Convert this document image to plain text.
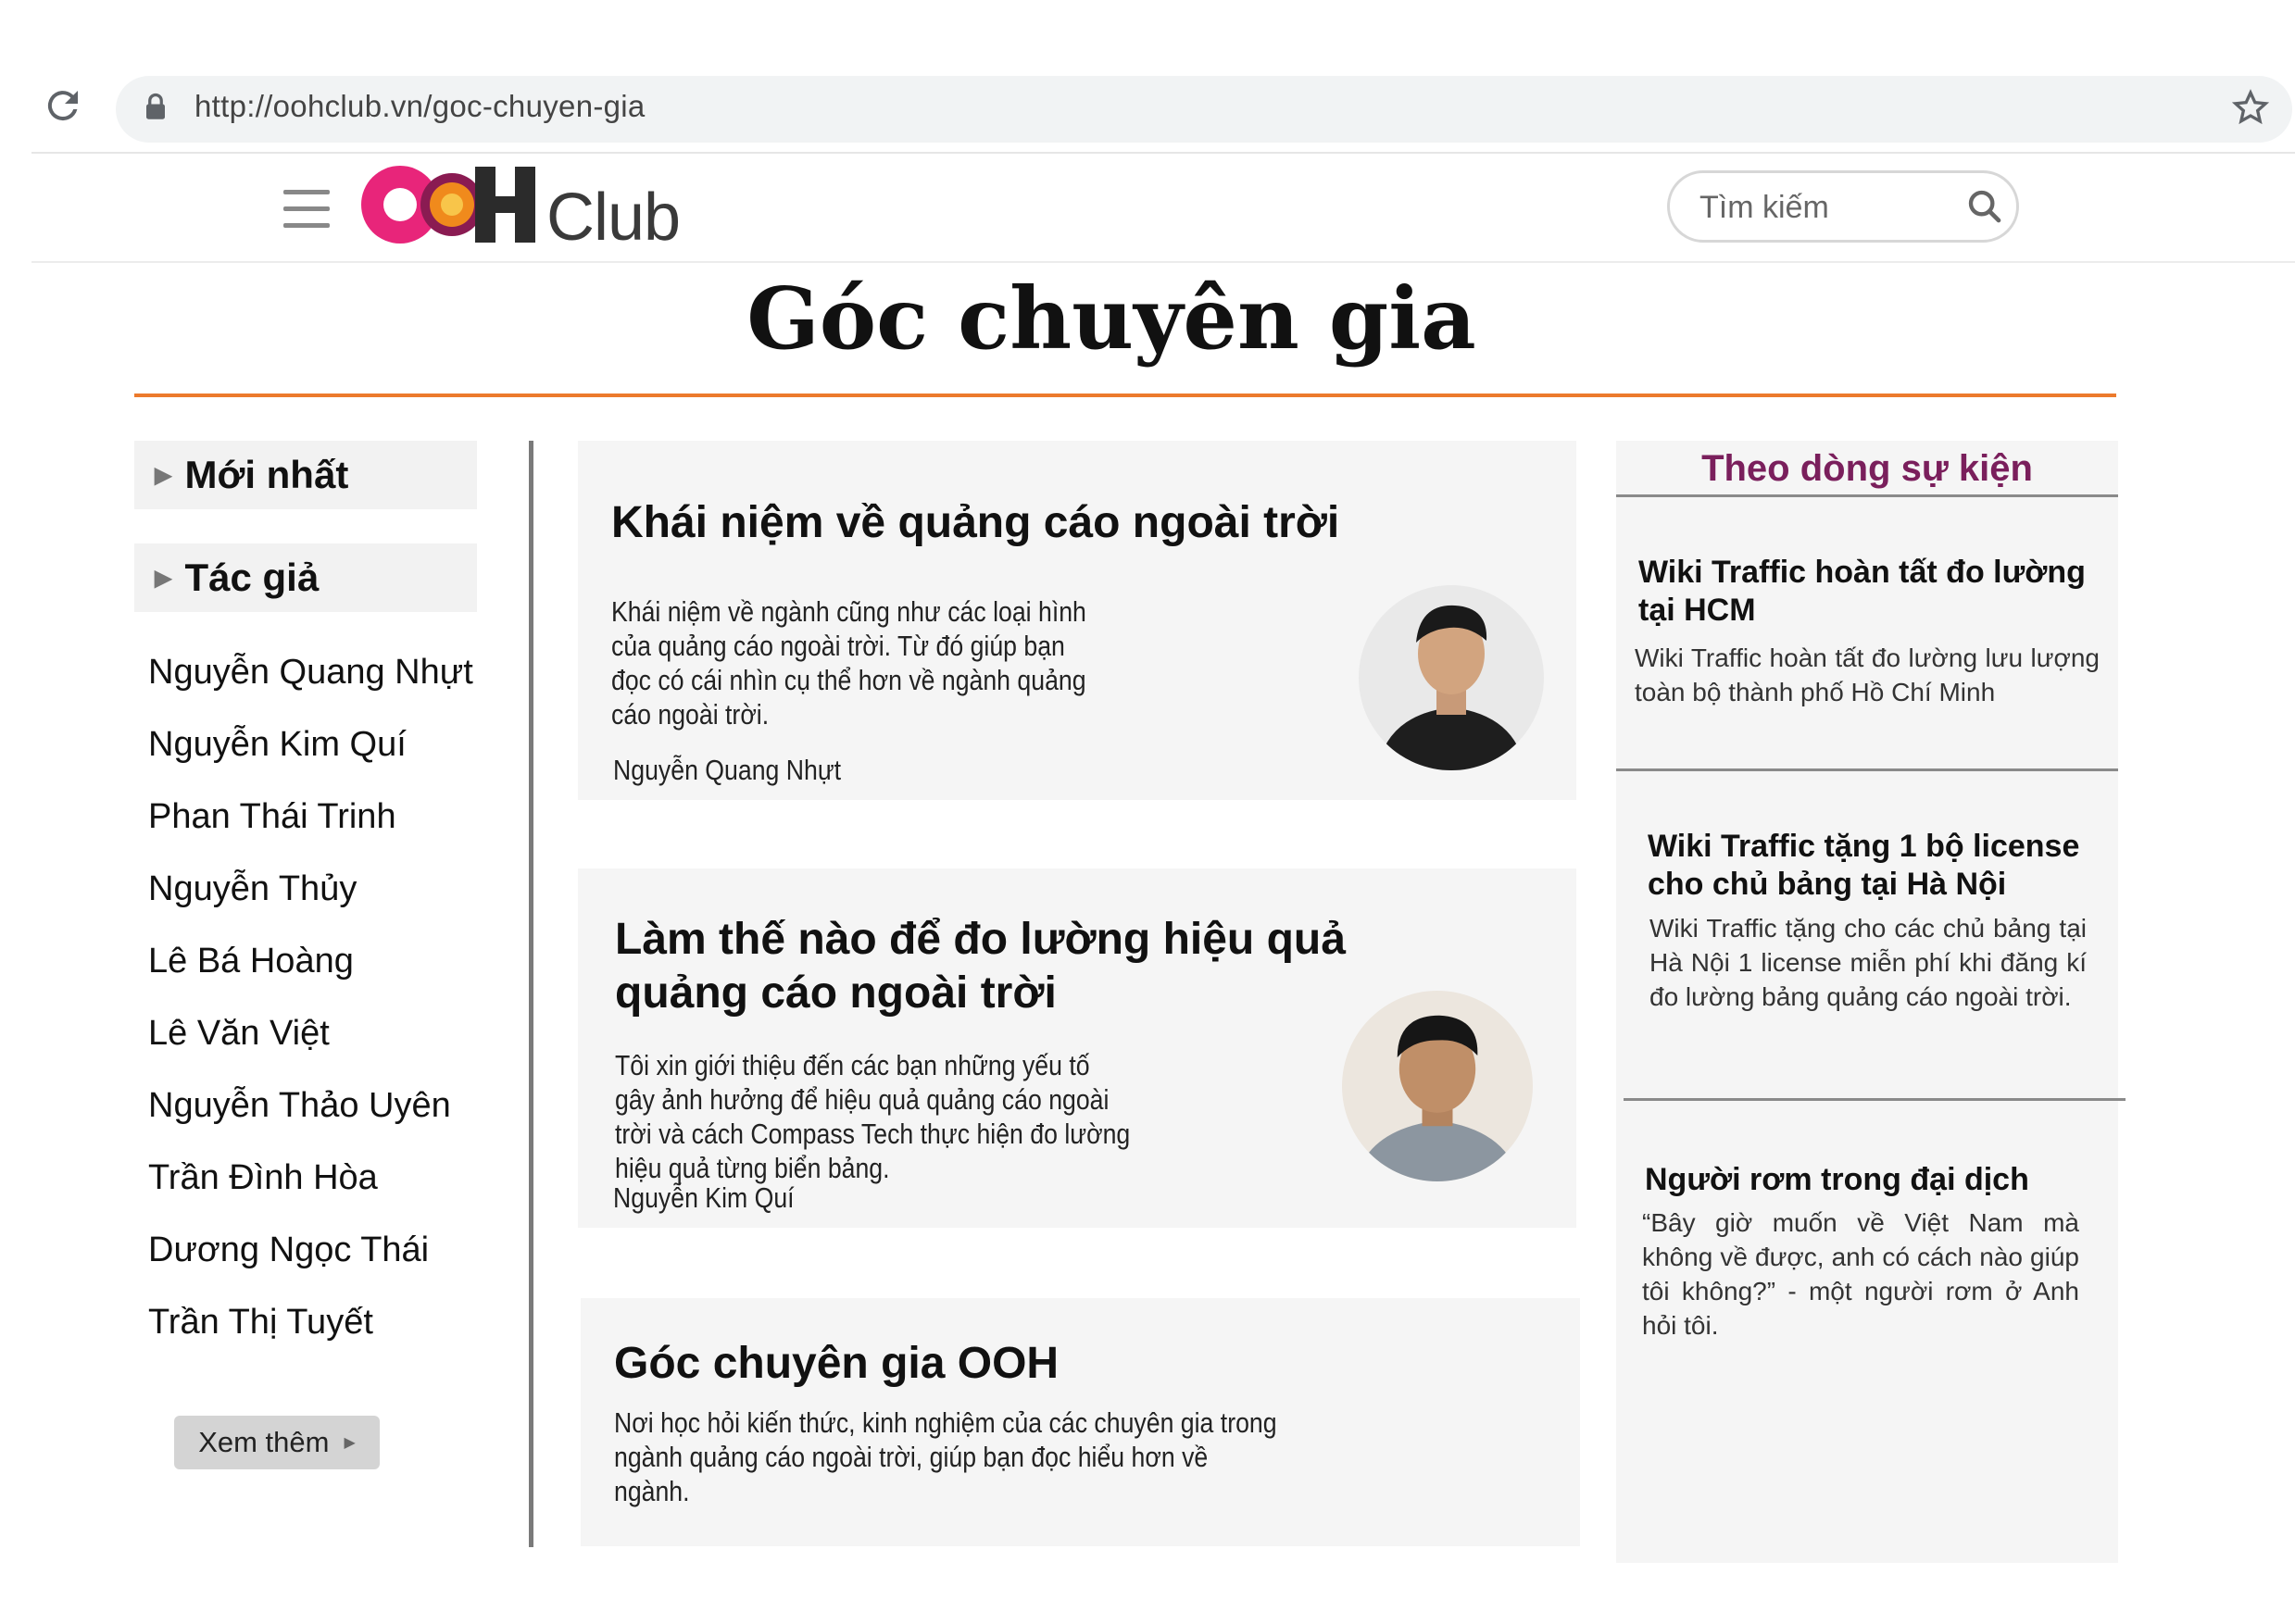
http://oohclub.vn/goc-chuyen-gia
Club
Tìm kiếm
Góc chuyên gia
▶ Mới nhất
▶ Tác giả
Nguyễn Quang Nhựt
Nguyễn Kim Quí
Phan Thái Trinh
Nguyễn Thủy
Lê Bá Hoàng
Lê Văn Việt
Nguyễn Thảo Uyên
Trần Đình Hòa
Dương Ngọc Thái
Trần Thị Tuyết
Xem thêm ▶
Khái niệm về quảng cáo ngoài trời
Khái niệm về ngành cũng như các loại hình của quảng cáo ngoài trời. Từ đó giúp bạn đọc có cái nhìn cụ thể hơn về ngành quảng cáo ngoài trời.
Nguyễn Quang Nhựt
Làm thế nào để đo lường hiệu quả quảng cáo ngoài trời
Tôi xin giới thiệu đến các bạn những yếu tố gây ảnh hưởng để hiệu quả quảng cáo ngoài trời và cách Compass Tech thực hiện đo lường hiệu quả từng biển bảng.
Nguyễn Kim Quí
Góc chuyên gia OOH
Nơi học hỏi kiến thức, kinh nghiệm của các chuyên gia trong ngành quảng cáo ngoài trời, giúp bạn đọc hiểu hơn về ngành.
Theo dòng sự kiện
Wiki Traffic hoàn tất đo lường tại HCM
Wiki Traffic hoàn tất đo lường lưu lượng toàn bộ thành phố Hồ Chí Minh
Wiki Traffic tặng 1 bộ license cho chủ bảng tại Hà Nội
Wiki Traffic tặng cho các chủ bảng tại Hà Nội 1 license miễn phí khi đăng kí đo lường bảng quảng cáo ngoài trời.
Người rơm trong đại dịch
“Bây giờ muốn về Việt Nam mà không về được, anh có cách nào giúp tôi không?” - một người rơm ở Anh hỏi tôi.
